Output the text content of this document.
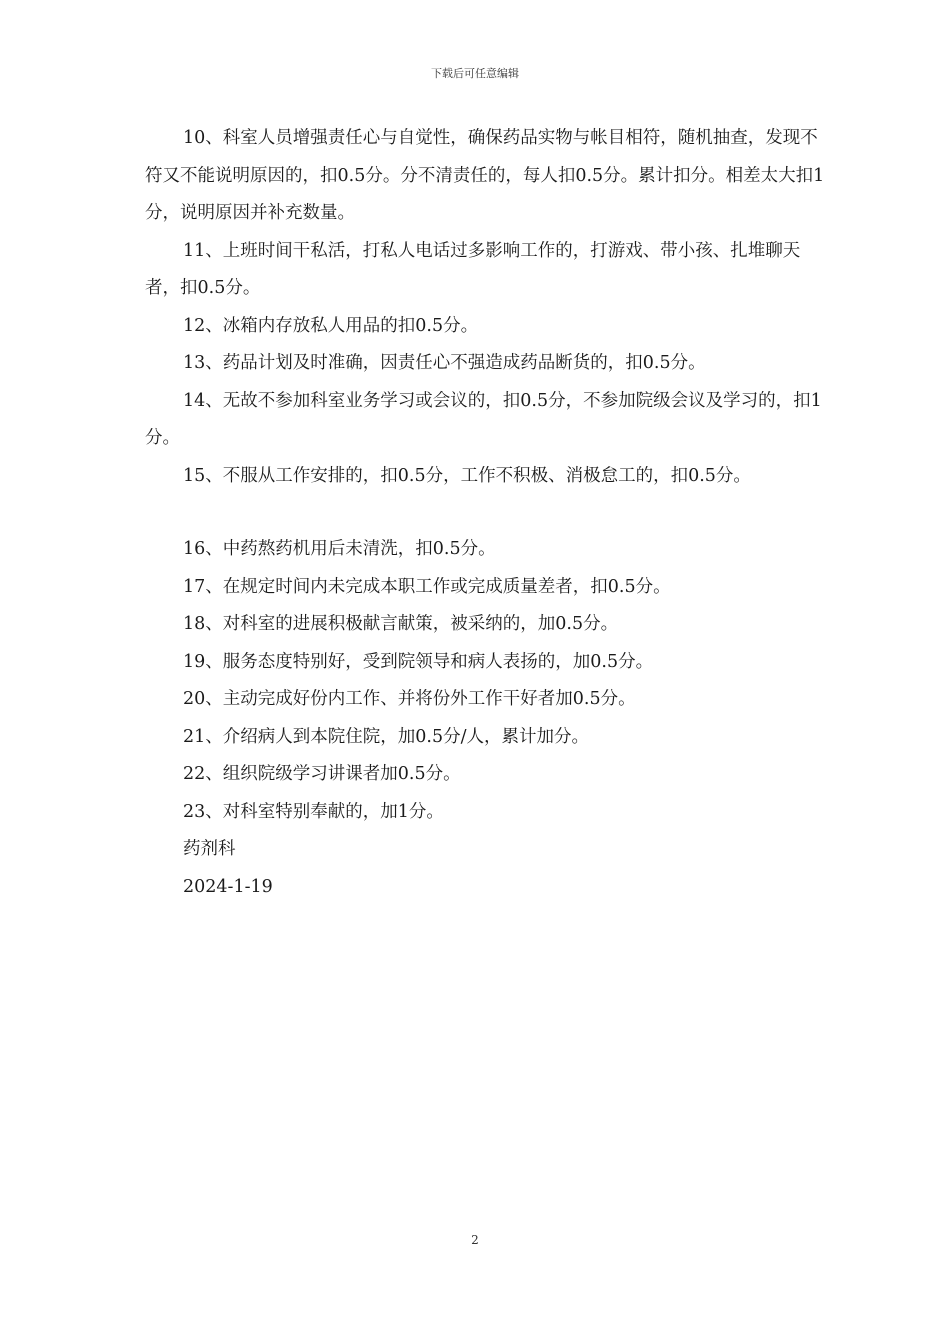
下载后可任意编辑

10、科室人员增强责任心与自觉性，确保药品实物与帐目相符，随机抽查，发现不符又不能说明原因的，扣0.5分。分不清责任的，每人扣0.5分。累计扣分。相差太大扣1分，说明原因并补充数量。

11、上班时间干私活，打私人电话过多影响工作的，打游戏、带小孩、扎堆聊天者，扣0.5分。

12、冰箱内存放私人用品的扣0.5分。

13、药品计划及时准确，因责任心不强造成药品断货的，扣0.5分。

14、无故不参加科室业务学习或会议的，扣0.5分，不参加院级会议及学习的，扣1分。

15、不服从工作安排的，扣0.5分，工作不积极、消极怠工的，扣0.5分。

16、中药熬药机用后未清洗，扣0.5分。

17、在规定时间内未完成本职工作或完成质量差者，扣0.5分。

18、对科室的进展积极献言献策，被采纳的，加0.5分。

19、服务态度特别好，受到院领导和病人表扬的，加0.5分。

20、主动完成好份内工作、并将份外工作干好者加0.5分。

21、介绍病人到本院住院，加0.5分/人，累计加分。

22、组织院级学习讲课者加0.5分。

23、对科室特别奉献的，加1分。

药剂科

2024-1-19

2
